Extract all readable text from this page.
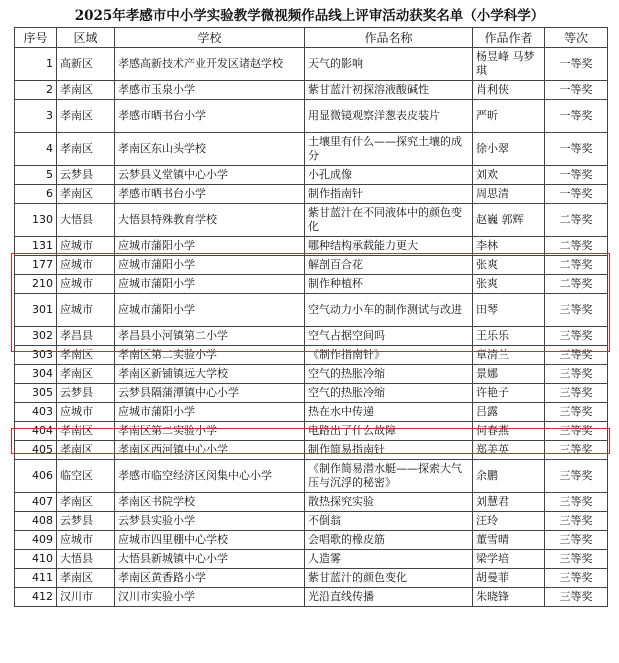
2025年孝感市中小学实验教学微视频作品线上评审活动获奖名单（小学科学）
序号	区域	学校	作品名称	作品作者	等次
1	高新区	孝感高新技术产业开发区诸赵学校	天气的影响	杨昱峰 马梦琪	一等奖
2	孝南区	孝感市玉泉小学	紫甘蓝汁初探溶液酸碱性	肖利侠	一等奖
3	孝南区	孝感市晒书台小学	用显微镜观察洋葱表皮装片	严昕	一等奖
4	孝南区	孝南区东山头学校	土壤里有什么——探究土壤的成分	徐小翠	一等奖
5	云梦县	云梦县义堂镇中心小学	小孔成像	刘欢	一等奖
6	孝南区	孝感市晒书台小学	制作指南针	周思清	一等奖
130	大悟县	大悟县特殊教育学校	紫甘蓝汁在不同液体中的颜色变化	赵巍 郭辉	二等奖
131	应城市	应城市蒲阳小学	哪种结构承载能力更大	李林	二等奖
177	应城市	应城市蒲阳小学	解剖百合花	张爽	二等奖
210	应城市	应城市蒲阳小学	制作种植杯	张爽	二等奖
301	应城市	应城市蒲阳小学	空气动力小车的制作测试与改进	田琴	三等奖
302	孝昌县	孝昌县小河镇第二小学	空气占据空间吗	王乐乐	三等奖
303	孝南区	孝南区第二实验小学	《制作指南针》	章清兰	三等奖
304	孝南区	孝南区新铺镇远大学校	空气的热胀冷缩	景娜	三等奖
305	云梦县	云梦县隔蒲潭镇中心小学	空气的热胀冷缩	许艳子	三等奖
403	应城市	应城市蒲阳小学	热在水中传递	吕露	三等奖
404	孝南区	孝南区第二实验小学	电路出了什么故障	何春燕	三等奖
405	孝南区	孝南区西河镇中心小学	制作简易指南针	郑美英	三等奖
406	临空区	孝感市临空经济区闵集中心小学	《制作简易潜水艇——探索大气压与沉浮的秘密》	余鹏	三等奖
407	孝南区	孝南区书院学校	散热探究实验	刘慧君	三等奖
408	云梦县	云梦县实验小学	不倒翁	汪玲	三等奖
409	应城市	应城市四里棚中心学校	会唱歌的橡皮筋	董雪晴	三等奖
410	大悟县	大悟县新城镇中心小学	人造雾	梁学培	三等奖
411	孝南区	孝南区黄香路小学	紫甘蓝汁的颜色变化	胡曼菲	三等奖
412	汉川市	汉川市实验小学	光沿直线传播	朱晓锋	三等奖
